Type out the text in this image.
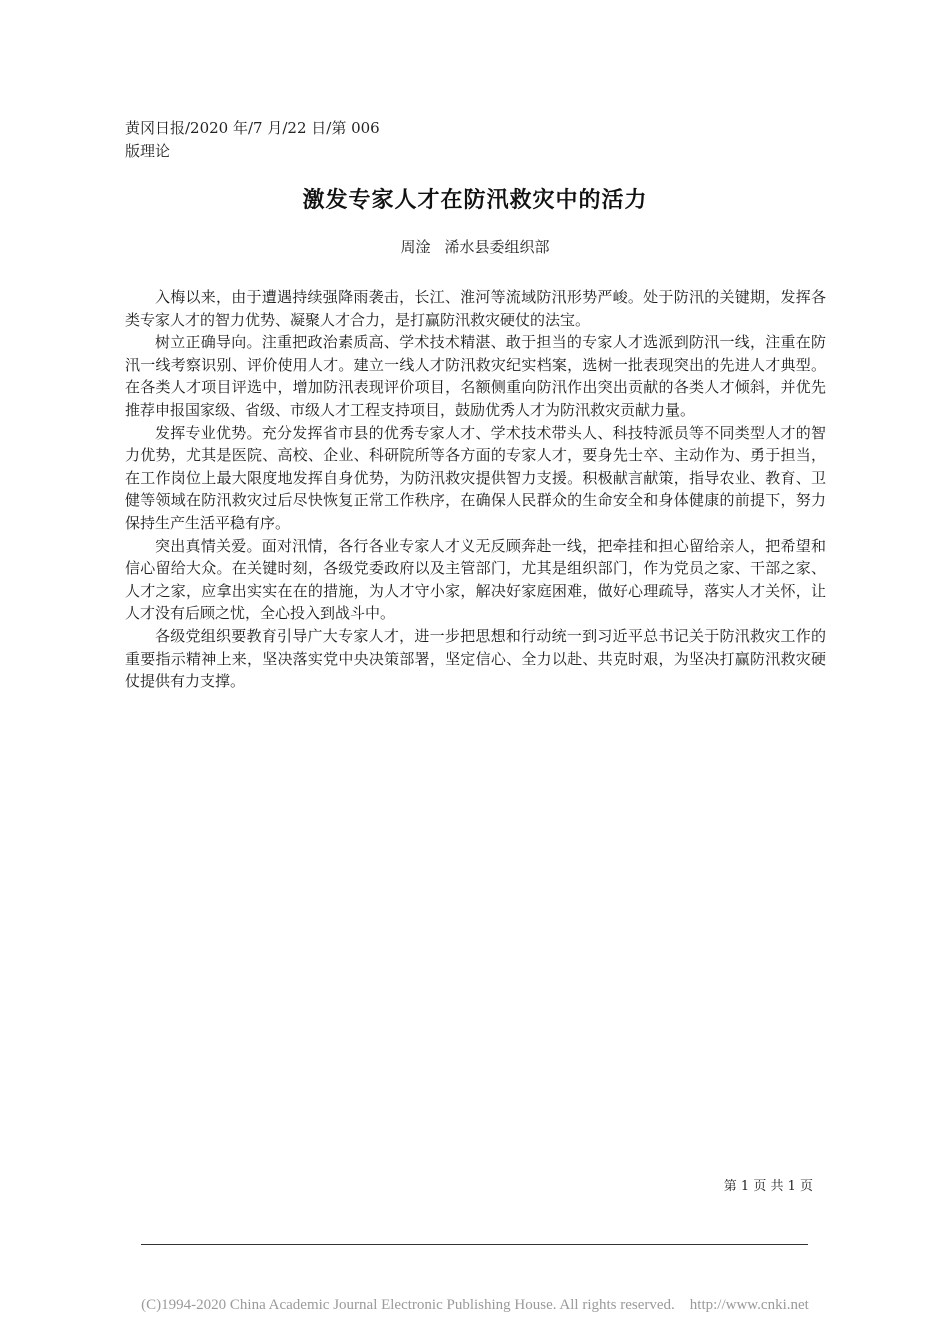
黄冈日报/2020 年/7 月/22 日/第 006
版理论
激发专家人才在防汛救灾中的活力
周淦 浠水县委组织部

入梅以来，由于遭遇持续强降雨袭击，长江、淮河等流域防汛形势严峻。处于防汛的关键期，发挥各类专家人才的智力优势、凝聚人才合力，是打赢防汛救灾硬仗的法宝。

树立正确导向。注重把政治素质高、学术技术精湛、敢于担当的专家人才选派到防汛一线，注重在防汛一线考察识别、评价使用人才。建立一线人才防汛救灾纪实档案，选树一批表现突出的先进人才典型。在各类人才项目评选中，增加防汛表现评价项目，名额侧重向防汛作出突出贡献的各类人才倾斜，并优先推荐申报国家级、省级、市级人才工程支持项目，鼓励优秀人才为防汛救灾贡献力量。

发挥专业优势。充分发挥省市县的优秀专家人才、学术技术带头人、科技特派员等不同类型人才的智力优势，尤其是医院、高校、企业、科研院所等各方面的专家人才，要身先士卒、主动作为、勇于担当，在工作岗位上最大限度地发挥自身优势，为防汛救灾提供智力支援。积极献言献策，指导农业、教育、卫健等领域在防汛救灾过后尽快恢复正常工作秩序，在确保人民群众的生命安全和身体健康的前提下，努力保持生产生活平稳有序。

突出真情关爱。面对汛情，各行各业专家人才义无反顾奔赴一线，把牵挂和担心留给亲人，把希望和信心留给大众。在关键时刻，各级党委政府以及主管部门，尤其是组织部门，作为党员之家、干部之家、人才之家，应拿出实实在在的措施，为人才守小家，解决好家庭困难，做好心理疏导，落实人才关怀，让人才没有后顾之忧，全心投入到战斗中。

各级党组织要教育引导广大专家人才，进一步把思想和行动统一到习近平总书记关于防汛救灾工作的重要指示精神上来，坚决落实党中央决策部署，坚定信心、全力以赴、共克时艰，为坚决打赢防汛救灾硬仗提供有力支撑。

第 1 页 共 1 页
(C)1994-2020 China Academic Journal Electronic Publishing House. All rights reserved.    http://www.cnki.net
